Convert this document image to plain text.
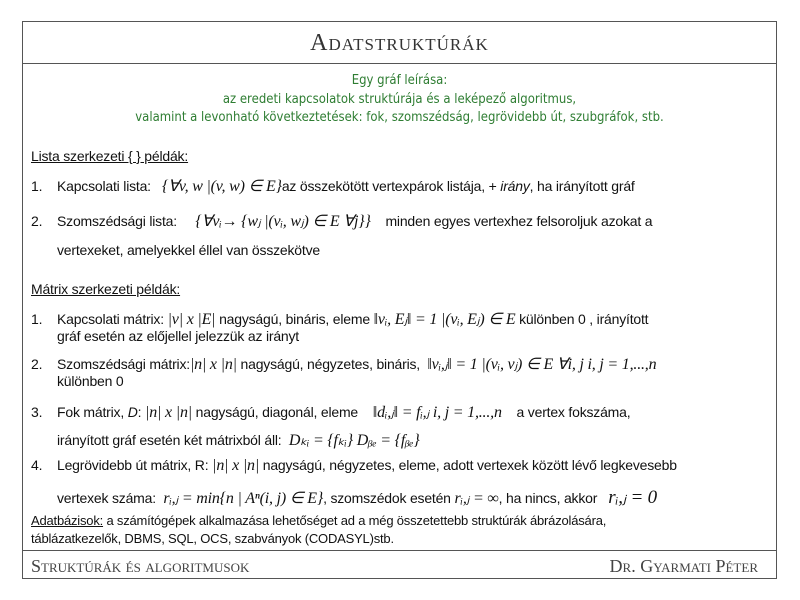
Adatstruktúrák
Egy gráf leírása:
az eredeti kapcsolatok struktúrája és a leképező algoritmus,
valamint a levonható következtetések: fok, szomszédság, legrövidebb út, szubgráfok, stb.
Lista szerkezeti { } példák:
1. Kapcsolati lista: {∀v, w |(v, w) ∈ E}az összekötött vertexpárok listája, + irány, ha irányított gráf
2. Szomszédsági lista: {∀vᵢ→ {wⱼ |(vᵢ, wⱼ) ∈ E ∀j}} minden egyes vertexhez felsoroljuk azokat a
vertexeket, amelyekkel éllel van összekötve
Mátrix szerkezeti példák:
1. Kapcsolati mátrix: |v| x |E| nagyságú, bináris, eleme ‖vᵢ, Eⱼ‖ = 1 |(vᵢ, Eⱼ) ∈ E különben 0 , irányított
gráf esetén az előjellel jelezzük az irányt
2. Szomszédsági mátrix:|n| x |n| nagyságú, négyzetes, bináris, ‖vᵢ,ⱼ‖ = 1 |(vᵢ, vⱼ) ∈ E ∀i, j i, j = 1,...,n
különben 0
3. Fok mátrix, D: |n| x |n| nagyságú, diagonál, eleme ‖dᵢ,ⱼ‖ = fᵢ,ⱼ i, j = 1,...,n a vertex fokszáma,
irányított gráf esetén két mátrixból áll: Dₖᵢ = {fₖᵢ} Dᵦₑ = {fᵦₑ}
4. Legrövidebb út mátrix, R: |n| x |n| nagyságú, négyzetes, eleme, adott vertexek között lévő legkevesebb
vertexek száma: rᵢ,ⱼ = min{n | Aⁿ(i, j) ∈ E}, szomszédok esetén rᵢ,ⱼ = ∞, ha nincs, akkor rᵢ,ⱼ = 0
Adatbázisok: a számítógépek alkalmazása lehetőséget ad a még összetettebb struktúrák ábrázolására,
táblázatkezelők, DBMS, SQL, OCS, szabványok (CODASYL)stb.
Struktúrák és algoritmusok	Dr. Gyarmati Péter
